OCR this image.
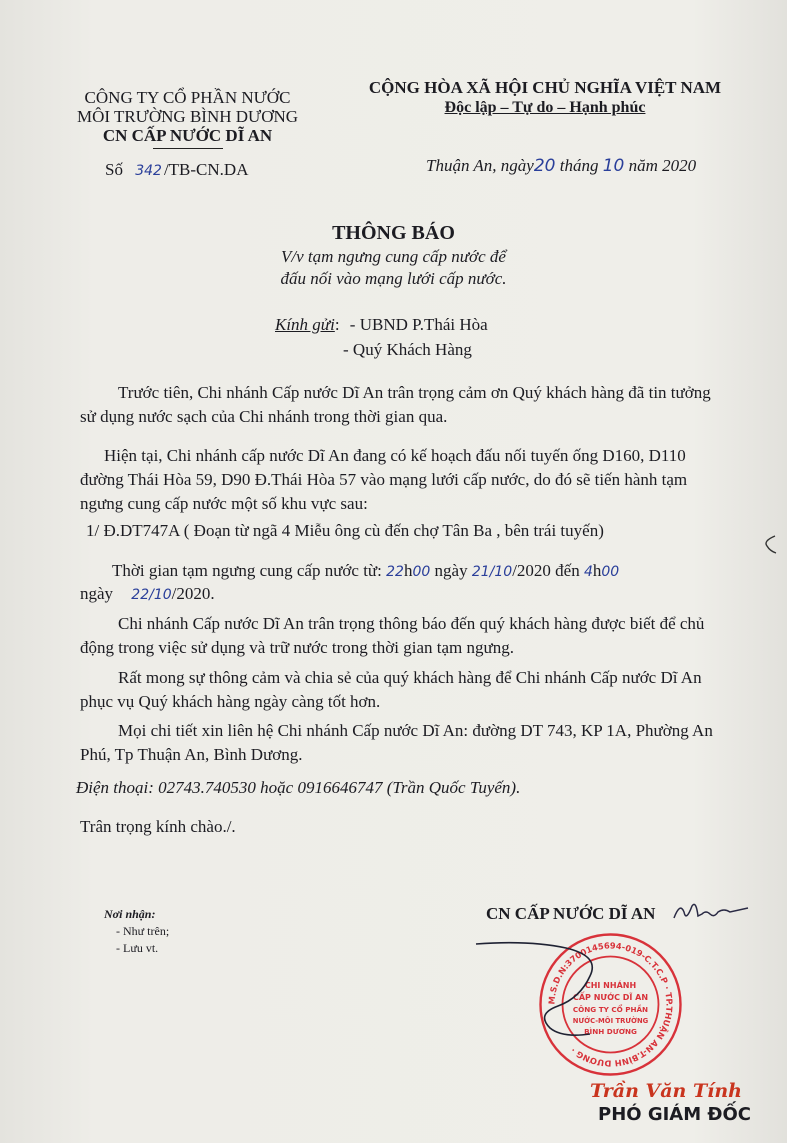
CÔNG TY CỔ PHẦN NƯỚC
MÔI TRƯỜNG BÌNH DƯƠNG
CN CẤP NƯỚC DĨ AN
CỘNG HÒA XÃ HỘI CHỦ NGHĨA VIỆT NAM
Độc lập – Tự do – Hạnh phúc
Số 342 /TB-CN.DA	Thuận An, ngày20 tháng 10 năm 2020
THÔNG BÁO
V/v tạm ngưng cung cấp nước để
đấu nối vào mạng lưới cấp nước.
Kính gửi: - UBND P.Thái Hòa
- Quý Khách Hàng
Trước tiên, Chi nhánh Cấp nước Dĩ An trân trọng cảm ơn Quý khách hàng đã tin tưởng sử dụng nước sạch của Chi nhánh trong thời gian qua.
Hiện tại, Chi nhánh cấp nước Dĩ An đang có kế hoạch đấu nối tuyến ống D160, D110 đường Thái Hòa 59, D90 Đ.Thái Hòa 57 vào mạng lưới cấp nước, do đó sẽ tiến hành tạm ngưng cung cấp nước một số khu vực sau:
1/ Đ.DT747A ( Đoạn từ ngã 4 Miễu ông cù đến chợ Tân Ba , bên trái tuyến)
Thời gian tạm ngưng cung cấp nước từ: 22h00 ngày 21/10/2020 đến 4h00
ngày 22/10/2020.
Chi nhánh Cấp nước Dĩ An trân trọng thông báo đến quý khách hàng được biết để chủ động trong việc sử dụng và trữ nước trong thời gian tạm ngưng.
Rất mong sự thông cảm và chia sẻ của quý khách hàng để Chi nhánh Cấp nước Dĩ An phục vụ Quý khách hàng ngày càng tốt hơn.
Mọi chi tiết xin liên hệ Chi nhánh Cấp nước Dĩ An: đường DT 743, KP 1A, Phường An Phú, Tp Thuận An, Bình Dương.
Điện thoại: 02743.740530 hoặc 0916646747 (Trần Quốc Tuyến).
Trân trọng kính chào./.
Nơi nhận:
- Như trên;
- Lưu vt.
CN CẤP NƯỚC DĨ AN
M.S.D.N:3700145694-019-C.T.C.P · TP.THUẬN AN-T.BÌNH DƯƠNG ·
CHI NHÁNH
CẤP NƯỚC DĨ AN
CÔNG TY CỔ PHẦN
NƯỚC-MÔI TRƯỜNG
BÌNH DƯƠNG
Trần Văn Tính
PHÓ GIÁM ĐỐC
